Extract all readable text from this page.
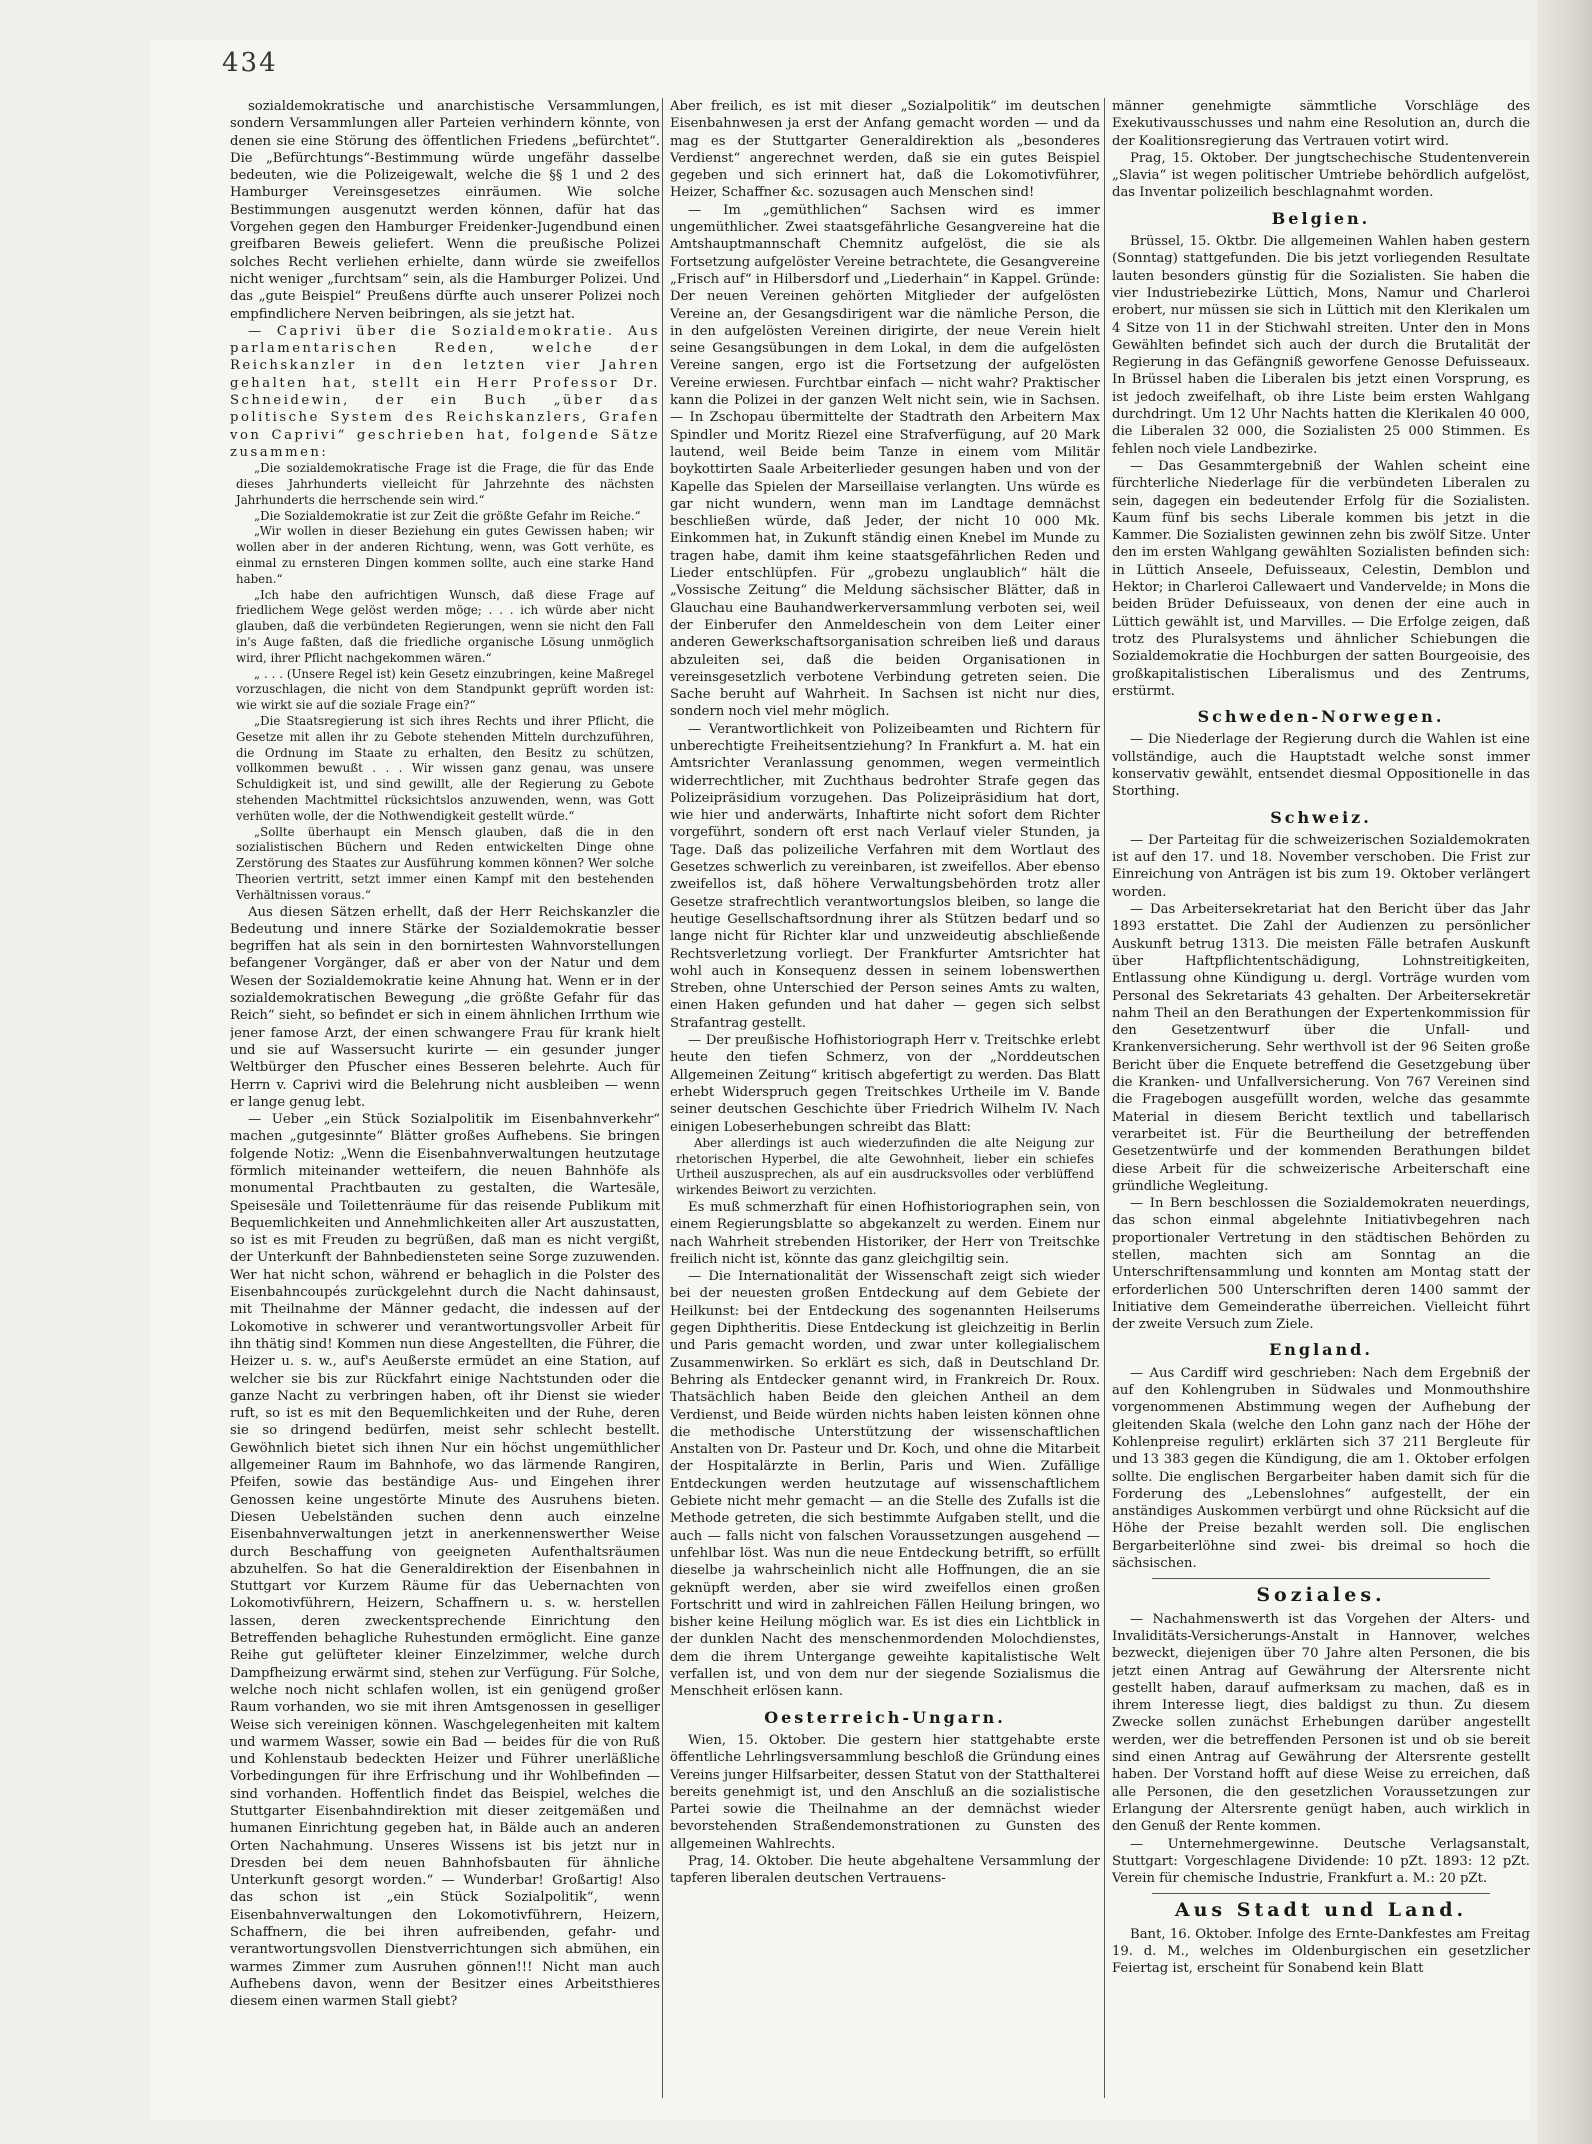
434

sozialdemokratische und anarchistische Versammlungen, sondern Versammlungen aller Parteien verhindern könnte, von denen sie eine Störung des öffentlichen Friedens „befürchtet“. Die „Befürchtungs“-Bestimmung würde ungefähr dasselbe bedeuten, wie die Polizeigewalt, welche die §§ 1 und 2 des Hamburger Vereinsgesetzes einräumen. Wie solche Bestimmungen ausgenutzt werden können, dafür hat das Vorgehen gegen den Hamburger Freidenker-Jugendbund einen greifbaren Beweis geliefert. Wenn die preußische Polizei solches Recht verliehen erhielte, dann würde sie zweifellos nicht weniger „furchtsam“ sein, als die Hamburger Polizei. Und das „gute Beispiel“ Preußens dürfte auch unserer Polizei noch empfindlichere Nerven beibringen, als sie jetzt hat.

— Caprivi über die Sozialdemokratie. Aus parlamentarischen Reden, welche der Reichskanzler in den letzten vier Jahren gehalten hat, stellt ein Herr Professor Dr. Schneidewin, der ein Buch „über das politische System des Reichskanzlers, Grafen von Caprivi“ geschrieben hat, folgende Sätze zusammen:

„Die sozialdemokratische Frage ist die Frage, die für das Ende dieses Jahrhunderts vielleicht für Jahrzehnte des nächsten Jahrhunderts die herrschende sein wird.“

„Die Sozialdemokratie ist zur Zeit die größte Gefahr im Reiche.“

„Wir wollen in dieser Beziehung ein gutes Gewissen haben; wir wollen aber in der anderen Richtung, wenn, was Gott verhüte, es einmal zu ernsteren Dingen kommen sollte, auch eine starke Hand haben.“

„Ich habe den aufrichtigen Wunsch, daß diese Frage auf friedlichem Wege gelöst werden möge; . . . ich würde aber nicht glauben, daß die verbündeten Regierungen, wenn sie nicht den Fall in's Auge faßten, daß die friedliche organische Lösung unmöglich wird, ihrer Pflicht nachgekommen wären.“

„ . . . (Unsere Regel ist) kein Gesetz einzubringen, keine Maßregel vorzuschlagen, die nicht von dem Standpunkt geprüft worden ist: wie wirkt sie auf die soziale Frage ein?“

„Die Staatsregierung ist sich ihres Rechts und ihrer Pflicht, die Gesetze mit allen ihr zu Gebote stehenden Mitteln durchzuführen, die Ordnung im Staate zu erhalten, den Besitz zu schützen, vollkommen bewußt . . . Wir wissen ganz genau, was unsere Schuldigkeit ist, und sind gewillt, alle der Regierung zu Gebote stehenden Machtmittel rücksichtslos anzuwenden, wenn, was Gott verhüten wolle, der die Nothwendigkeit gestellt würde.“

„Sollte überhaupt ein Mensch glauben, daß die in den sozialistischen Büchern und Reden entwickelten Dinge ohne Zerstörung des Staates zur Ausführung kommen können? Wer solche Theorien vertritt, setzt immer einen Kampf mit den bestehenden Verhältnissen voraus.“

Aus diesen Sätzen erhellt, daß der Herr Reichskanzler die Bedeutung und innere Stärke der Sozialdemokratie besser begriffen hat als sein in den bornirtesten Wahnvorstellungen befangener Vorgänger, daß er aber von der Natur und dem Wesen der Sozialdemokratie keine Ahnung hat. Wenn er in der sozialdemokratischen Bewegung „die größte Gefahr für das Reich“ sieht, so befindet er sich in einem ähnlichen Irrthum wie jener famose Arzt, der einen schwangere Frau für krank hielt und sie auf Wassersucht kurirte — ein gesunder junger Weltbürger den Pfuscher eines Besseren belehrte. Auch für Herrn v. Caprivi wird die Belehrung nicht ausbleiben — wenn er lange genug lebt.

— Ueber „ein Stück Sozialpolitik im Eisenbahnverkehr“ machen „gutgesinnte“ Blätter großes Aufhebens. Sie bringen folgende Notiz: „Wenn die Eisenbahnverwaltungen heutzutage förmlich miteinander wetteifern, die neuen Bahnhöfe als monumental Prachtbauten zu gestalten, die Wartesäle, Speisesäle und Toilettenräume für das reisende Publikum mit Bequemlichkeiten und Annehmlichkeiten aller Art auszustatten, so ist es mit Freuden zu begrüßen, daß man es nicht vergißt, der Unterkunft der Bahnbediensteten seine Sorge zuzuwenden. Wer hat nicht schon, während er behaglich in die Polster des Eisenbahncoupés zurückgelehnt durch die Nacht dahinsaust, mit Theilnahme der Männer gedacht, die indessen auf der Lokomotive in schwerer und verantwortungsvoller Arbeit für ihn thätig sind! Kommen nun diese Angestellten, die Führer, die Heizer u. s. w., auf's Aeußerste ermüdet an eine Station, auf welcher sie bis zur Rückfahrt einige Nachtstunden oder die ganze Nacht zu verbringen haben, oft ihr Dienst sie wieder ruft, so ist es mit den Bequemlichkeiten und der Ruhe, deren sie so dringend bedürfen, meist sehr schlecht bestellt. Gewöhnlich bietet sich ihnen Nur ein höchst ungemüthlicher allgemeiner Raum im Bahnhofe, wo das lärmende Rangiren, Pfeifen, sowie das beständige Aus- und Eingehen ihrer Genossen keine ungestörte Minute des Ausruhens bieten. Diesen Uebelständen suchen denn auch einzelne Eisenbahnverwaltungen jetzt in anerkennenswerther Weise durch Beschaffung von geeigneten Aufenthaltsräumen abzuhelfen. So hat die Generaldirektion der Eisenbahnen in Stuttgart vor Kurzem Räume für das Uebernachten von Lokomotivführern, Heizern, Schaffnern u. s. w. herstellen lassen, deren zweckentsprechende Einrichtung den Betreffenden behagliche Ruhestunden ermöglicht. Eine ganze Reihe gut gelüfteter kleiner Einzelzimmer, welche durch Dampfheizung erwärmt sind, stehen zur Verfügung. Für Solche, welche noch nicht schlafen wollen, ist ein genügend großer Raum vorhanden, wo sie mit ihren Amtsgenossen in geselliger Weise sich vereinigen können. Waschgelegenheiten mit kaltem und warmem Wasser, sowie ein Bad — beides für die von Ruß und Kohlenstaub bedeckten Heizer und Führer unerläßliche Vorbedingungen für ihre Erfrischung und ihr Wohlbefinden — sind vorhanden. Hoffentlich findet das Beispiel, welches die Stuttgarter Eisenbahndirektion mit dieser zeitgemäßen und humanen Einrichtung gegeben hat, in Bälde auch an anderen Orten Nachahmung. Unseres Wissens ist bis jetzt nur in Dresden bei dem neuen Bahnhofsbauten für ähnliche Unterkunft gesorgt worden.“ — Wunderbar! Großartig! Also das schon ist „ein Stück Sozialpolitik“, wenn Eisenbahnverwaltungen den Lokomotivführern, Heizern, Schaffnern, die bei ihren aufreibenden, gefahr- und verantwortungsvollen Dienstverrichtungen sich abmühen, ein warmes Zimmer zum Ausruhen gönnen!!! Nicht man auch Aufhebens davon, wenn der Besitzer eines Arbeitsthieres diesem einen warmen Stall giebt?

Aber freilich, es ist mit dieser „Sozialpolitik“ im deutschen Eisenbahnwesen ja erst der Anfang gemacht worden — und da mag es der Stuttgarter Generaldirektion als „besonderes Verdienst“ angerechnet werden, daß sie ein gutes Beispiel gegeben und sich erinnert hat, daß die Lokomotivführer, Heizer, Schaffner &c. sozusagen auch Menschen sind!

— Im „gemüthlichen“ Sachsen wird es immer ungemüthlicher. Zwei staatsgefährliche Gesangvereine hat die Amtshauptmannschaft Chemnitz aufgelöst, die sie als Fortsetzung aufgelöster Vereine betrachtete, die Gesangvereine „Frisch auf“ in Hilbersdorf und „Liederhain“ in Kappel. Gründe: Der neuen Vereinen gehörten Mitglieder der aufgelösten Vereine an, der Gesangsdirigent war die nämliche Person, die in den aufgelösten Vereinen dirigirte, der neue Verein hielt seine Gesangsübungen in dem Lokal, in dem die aufgelösten Vereine sangen, ergo ist die Fortsetzung der aufgelösten Vereine erwiesen. Furchtbar einfach — nicht wahr? Praktischer kann die Polizei in der ganzen Welt nicht sein, wie in Sachsen. — In Zschopau übermittelte der Stadtrath den Arbeitern Max Spindler und Moritz Riezel eine Strafverfügung, auf 20 Mark lautend, weil Beide beim Tanze in einem vom Militär boykottirten Saale Arbeiterlieder gesungen haben und von der Kapelle das Spielen der Marseillaise verlangten. Uns würde es gar nicht wundern, wenn man im Landtage demnächst beschließen würde, daß Jeder, der nicht 10 000 Mk. Einkommen hat, in Zukunft ständig einen Knebel im Munde zu tragen habe, damit ihm keine staatsgefährlichen Reden und Lieder entschlüpfen. Für „grobezu unglaublich“ hält die „Vossische Zeitung“ die Meldung sächsischer Blätter, daß in Glauchau eine Bauhandwerkerversammlung verboten sei, weil der Einberufer den Anmeldeschein von dem Leiter einer anderen Gewerkschaftsorganisation schreiben ließ und daraus abzuleiten sei, daß die beiden Organisationen in vereinsgesetzlich verbotene Verbindung getreten seien. Die Sache beruht auf Wahrheit. In Sachsen ist nicht nur dies, sondern noch viel mehr möglich.

— Verantwortlichkeit von Polizeibeamten und Richtern für unberechtigte Freiheitsentziehung? In Frankfurt a. M. hat ein Amtsrichter Veranlassung genommen, wegen vermeintlich widerrechtlicher, mit Zuchthaus bedrohter Strafe gegen das Polizeipräsidium vorzugehen. Das Polizeipräsidium hat dort, wie hier und anderwärts, Inhaftirte nicht sofort dem Richter vorgeführt, sondern oft erst nach Verlauf vieler Stunden, ja Tage. Daß das polizeiliche Verfahren mit dem Wortlaut des Gesetzes schwerlich zu vereinbaren, ist zweifellos. Aber ebenso zweifellos ist, daß höhere Verwaltungsbehörden trotz aller Gesetze strafrechtlich verantwortungslos bleiben, so lange die heutige Gesellschaftsordnung ihrer als Stützen bedarf und so lange nicht für Richter klar und unzweideutig abschließende Rechtsverletzung vorliegt. Der Frankfurter Amtsrichter hat wohl auch in Konsequenz dessen in seinem lobenswerthen Streben, ohne Unterschied der Person seines Amts zu walten, einen Haken gefunden und hat daher — gegen sich selbst Strafantrag gestellt.

— Der preußische Hofhistoriograph Herr v. Treitschke erlebt heute den tiefen Schmerz, von der „Norddeutschen Allgemeinen Zeitung“ kritisch abgefertigt zu werden. Das Blatt erhebt Widerspruch gegen Treitschkes Urtheile im V. Bande seiner deutschen Geschichte über Friedrich Wilhelm IV. Nach einigen Lobeserhebungen schreibt das Blatt:

Aber allerdings ist auch wiederzufinden die alte Neigung zur rhetorischen Hyperbel, die alte Gewohnheit, lieber ein schiefes Urtheil auszusprechen, als auf ein ausdrucksvolles oder verblüffend wirkendes Beiwort zu verzichten.

Es muß schmerzhaft für einen Hofhistoriographen sein, von einem Regierungsblatte so abgekanzelt zu werden. Einem nur nach Wahrheit strebenden Historiker, der Herr von Treitschke freilich nicht ist, könnte das ganz gleichgiltig sein.

— Die Internationalität der Wissenschaft zeigt sich wieder bei der neuesten großen Entdeckung auf dem Gebiete der Heilkunst: bei der Entdeckung des sogenannten Heilserums gegen Diphtheritis. Diese Entdeckung ist gleichzeitig in Berlin und Paris gemacht worden, und zwar unter kollegialischem Zusammenwirken. So erklärt es sich, daß in Deutschland Dr. Behring als Entdecker genannt wird, in Frankreich Dr. Roux. Thatsächlich haben Beide den gleichen Antheil an dem Verdienst, und Beide würden nichts haben leisten können ohne die methodische Unterstützung der wissenschaftlichen Anstalten von Dr. Pasteur und Dr. Koch, und ohne die Mitarbeit der Hospitalärzte in Berlin, Paris und Wien. Zufällige Entdeckungen werden heutzutage auf wissenschaftlichem Gebiete nicht mehr gemacht — an die Stelle des Zufalls ist die Methode getreten, die sich bestimmte Aufgaben stellt, und die auch — falls nicht von falschen Voraussetzungen ausgehend — unfehlbar löst. Was nun die neue Entdeckung betrifft, so erfüllt dieselbe ja wahrscheinlich nicht alle Hoffnungen, die an sie geknüpft werden, aber sie wird zweifellos einen großen Fortschritt und wird in zahlreichen Fällen Heilung bringen, wo bisher keine Heilung möglich war. Es ist dies ein Lichtblick in der dunklen Nacht des menschenmordenden Molochdienstes, dem die ihrem Untergange geweihte kapitalistische Welt verfallen ist, und von dem nur der siegende Sozialismus die Menschheit erlösen kann.

Oesterreich-Ungarn.

Wien, 15. Oktober. Die gestern hier stattgehabte erste öffentliche Lehrlingsversammlung beschloß die Gründung eines Vereins junger Hilfsarbeiter, dessen Statut von der Statthalterei bereits genehmigt ist, und den Anschluß an die sozialistische Partei sowie die Theilnahme an der demnächst wieder bevorstehenden Straßendemonstrationen zu Gunsten des allgemeinen Wahlrechts.

Prag, 14. Oktober. Die heute abgehaltene Versammlung der tapferen liberalen deutschen Vertrauens-

männer genehmigte sämmtliche Vorschläge des Exekutivausschusses und nahm eine Resolution an, durch die der Koalitionsregierung das Vertrauen votirt wird.

Prag, 15. Oktober. Der jungtschechische Studentenverein „Slavia“ ist wegen politischer Umtriebe behördlich aufgelöst, das Inventar polizeilich beschlagnahmt worden.

Belgien.

Brüssel, 15. Oktbr. Die allgemeinen Wahlen haben gestern (Sonntag) stattgefunden. Die bis jetzt vorliegenden Resultate lauten besonders günstig für die Sozialisten. Sie haben die vier Industriebezirke Lüttich, Mons, Namur und Charleroi erobert, nur müssen sie sich in Lüttich mit den Klerikalen um 4 Sitze von 11 in der Stichwahl streiten. Unter den in Mons Gewählten befindet sich auch der durch die Brutalität der Regierung in das Gefängniß geworfene Genosse Defuisseaux. In Brüssel haben die Liberalen bis jetzt einen Vorsprung, es ist jedoch zweifelhaft, ob ihre Liste beim ersten Wahlgang durchdringt. Um 12 Uhr Nachts hatten die Klerikalen 40 000, die Liberalen 32 000, die Sozialisten 25 000 Stimmen. Es fehlen noch viele Landbezirke.

— Das Gesammtergebniß der Wahlen scheint eine fürchterliche Niederlage für die verbündeten Liberalen zu sein, dagegen ein bedeutender Erfolg für die Sozialisten. Kaum fünf bis sechs Liberale kommen bis jetzt in die Kammer. Die Sozialisten gewinnen zehn bis zwölf Sitze. Unter den im ersten Wahlgang gewählten Sozialisten befinden sich: in Lüttich Anseele, Defuisseaux, Celestin, Demblon und Hektor; in Charleroi Callewaert und Vandervelde; in Mons die beiden Brüder Defuisseaux, von denen der eine auch in Lüttich gewählt ist, und Marvilles. — Die Erfolge zeigen, daß trotz des Pluralsystems und ähnlicher Schiebungen die Sozialdemokratie die Hochburgen der satten Bourgeoisie, des großkapitalistischen Liberalismus und des Zentrums, erstürmt.

Schweden-Norwegen.

— Die Niederlage der Regierung durch die Wahlen ist eine vollständige, auch die Hauptstadt welche sonst immer konservativ gewählt, entsendet diesmal Oppositionelle in das Storthing.

Schweiz.

— Der Parteitag für die schweizerischen Sozialdemokraten ist auf den 17. und 18. November verschoben. Die Frist zur Einreichung von Anträgen ist bis zum 19. Oktober verlängert worden.

— Das Arbeitersekretariat hat den Bericht über das Jahr 1893 erstattet. Die Zahl der Audienzen zu persönlicher Auskunft betrug 1313. Die meisten Fälle betrafen Auskunft über Haftpflichtentschädigung, Lohnstreitigkeiten, Entlassung ohne Kündigung u. dergl. Vorträge wurden vom Personal des Sekretariats 43 gehalten. Der Arbeitersekretär nahm Theil an den Berathungen der Expertenkommission für den Gesetzentwurf über die Unfall- und Krankenversicherung. Sehr werthvoll ist der 96 Seiten große Bericht über die Enquete betreffend die Gesetzgebung über die Kranken- und Unfallversicherung. Von 767 Vereinen sind die Fragebogen ausgefüllt worden, welche das gesammte Material in diesem Bericht textlich und tabellarisch verarbeitet ist. Für die Beurtheilung der betreffenden Gesetzentwürfe und der kommenden Berathungen bildet diese Arbeit für die schweizerische Arbeiterschaft eine gründliche Wegleitung.

— In Bern beschlossen die Sozialdemokraten neuerdings, das schon einmal abgelehnte Initiativbegehren nach proportionaler Vertretung in den städtischen Behörden zu stellen, machten sich am Sonntag an die Unterschriftensammlung und konnten am Montag statt der erforderlichen 500 Unterschriften deren 1400 sammt der Initiative dem Gemeinderathe überreichen. Vielleicht führt der zweite Versuch zum Ziele.

England.

— Aus Cardiff wird geschrieben: Nach dem Ergebniß der auf den Kohlengruben in Südwales und Monmouthshire vorgenommenen Abstimmung wegen der Aufhebung der gleitenden Skala (welche den Lohn ganz nach der Höhe der Kohlenpreise regulirt) erklärten sich 37 211 Bergleute für und 13 383 gegen die Kündigung, die am 1. Oktober erfolgen sollte. Die englischen Bergarbeiter haben damit sich für die Forderung des „Lebenslohnes“ aufgestellt, der ein anständiges Auskommen verbürgt und ohne Rücksicht auf die Höhe der Preise bezahlt werden soll. Die englischen Bergarbeiterlöhne sind zwei- bis dreimal so hoch die sächsischen.

Soziales.

— Nachahmenswerth ist das Vorgehen der Alters- und Invaliditäts-Versicherungs-Anstalt in Hannover, welches bezweckt, diejenigen über 70 Jahre alten Personen, die bis jetzt einen Antrag auf Gewährung der Altersrente nicht gestellt haben, darauf aufmerksam zu machen, daß es in ihrem Interesse liegt, dies baldigst zu thun. Zu diesem Zwecke sollen zunächst Erhebungen darüber angestellt werden, wer die betreffenden Personen ist und ob sie bereit sind einen Antrag auf Gewährung der Altersrente gestellt haben. Der Vorstand hofft auf diese Weise zu erreichen, daß alle Personen, die den gesetzlichen Voraussetzungen zur Erlangung der Altersrente genügt haben, auch wirklich in den Genuß der Rente kommen.

— Unternehmergewinne. Deutsche Verlagsanstalt, Stuttgart: Vorgeschlagene Dividende: 10 pZt. 1893: 12 pZt. Verein für chemische Industrie, Frankfurt a. M.: 20 pZt.

Aus Stadt und Land.

Bant, 16. Oktober. Infolge des Ernte-Dankfestes am Freitag 19. d. M., welches im Oldenburgischen ein gesetzlicher Feiertag ist, erscheint für Sonabend kein Blatt
